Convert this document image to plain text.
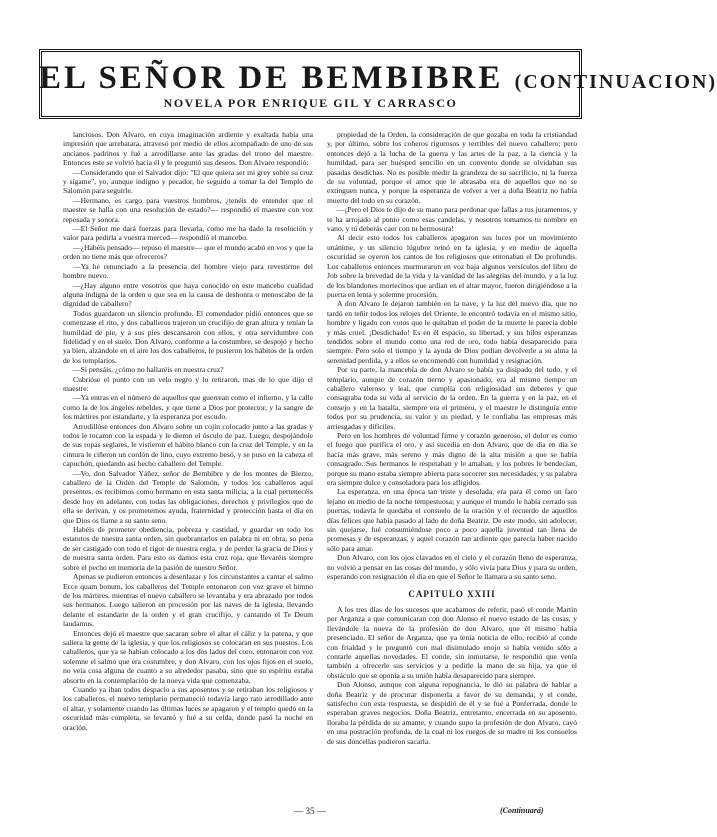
EL SEÑOR DE BEMBIBRE (CONTINUACION)
NOVELA POR ENRIQUE GIL Y CARRASCO

lanciosos. Don Alvaro, en cuya imaginación ardiente y exaltada había una impresión que arrebatara, atravesó por medio de ellos acompañado de uno de sus ancianos padrinos y fué a arrodillarse ante las gradas del trono del maestre. Entonces este se volvió hacia él y le preguntó sus deseos. Don Alvaro respondió:

—Considerando que el Salvador dijo: "El que quiera ser mi grey sobre su cruz y sígame", yo, aunque indigno y pecador, he seguido a tomar la del Templo de Salomón para seguirle.

—Hermano, es cargo para vuestros hombros, ¿tenéis de entender que el maestre se halla con una resolución de estado?— respondió el maestre con voz reposada y sonora.

—El Señor me dará fuerzas para llevarla, como me ha dado la resolución y valor para pedirla a vuestra merced— respondió el mancebo.

—¿Habéis pensado— repuso el maestre— que el mundo acabó en vos y que la orden no tiene más que ofreceros?

—Ya he renunciado a la presencia del hombre viejo para revestirme del hombre nuevo.

—¿Hay alguno entre vosotros que haya conocido en este mancebo cualidad alguna indigna de la orden o que sea en la causa de deshonra o menoscabo de la dignidad de caballero?

Todos guardaron un silencio profundo. El comendador pidió entonces que se comenzase el rito, y dos caballeros trajeron un crucifijo de gran altura y tenían la humildad de pie, y a sus pies descansaron con ellos, y otra servidumbre con fidelidad y en el suelo. Don Alvaro, conforme a la costumbre, se despojó y hecho ya bien, alzándole en el aire los dos caballeros, le pusieron los hábitos de la orden de los templarios.

—Si pensáis, ¿cómo no hallaréis en nuestra cruz?

Cubrióse el punto con un velo negro y lo retiraron, mas de lo que dijo el maestre:

—Ya entras en el número de aquellos que guerrean como el infierno, y la calle como la de los ángeles rebeldes, y que tiene a Dios por protector, y la sangre de los mártires por estandarte, y la esperanza por escudo.

Arrodillóse entonces don Alvaro sobre un cojín colocado junto a las gradas y todos le tocaron con la espada y le dieron el ósculo de paz. Luego, despojándole de sus ropas seglares, le vistieron el hábito blanco con la cruz del Temple, y en la cintura le ciñeron un cordón de lino, cuyo extremo besó, y se puso en la cabeza el capuchón, quedando así hecho caballero del Temple.

—Vo, don Salvador Yáñez, señor de Bembibre y de los montes de Bierzo, caballero de la Orden del Temple de Salomón, y todos los caballeros aquí presentes, os recibimos como hermano en esta santa milicia, a la cual pertenecéis desde hoy en adelante, con todas las obligaciones, derechos y privilegios que de ella se derivan, y os prometemos ayuda, fraternidad y protección hasta el día en que Dios os llame a su santo seno.

Habéis de prometer obediencia, pobreza y castidad, y guardar en todo los estatutos de nuestra santa orden, sin quebrantarlos en palabra ni en obra, so pena de ser castigado con todo el rigor de nuestra regla, y de perder la gracia de Dios y de nuestra santa orden. Para esto os damos esta cruz roja, que llevaréis siempre sobre el pecho en memoria de la pasión de nuestro Señor.

Apenas se pudieron entonces a desenlazar y los circunstantes a cantar el salmo Ecce quam bonum, los caballeros del Temple entonaron con voz grave el himno de los mártires, mientras el nuevo caballero se levantaba y era abrazado por todos sus hermanos. Luego salieron en procesión por las naves de la iglesia, llevando delante el estandarte de la orden y el gran crucifijo, y cantando el Te Deum laudamus.

Entonces dejó el maestre que sacaran sobre el altar el cáliz y la patena, y que saliera la gente de la iglesia, y que los religiosos se colocaran en sus puestos. Los caballeros, que ya se habían colocado a los dos lados del coro, entonaron con voz solemne el salmo que era costumbre, y don Alvaro, con los ojos fijos en el suelo, no veía cosa alguna de cuanto a su alrededor pasaba, sino que su espíritu estaba absorto en la contemplación de la nueva vida que comenzaba.

Cuando ya iban todos despacio a sus aposentos y se retiraban los religiosos y los caballeros, el nuevo templario permaneció todavía largo rato arrodillado ante el altar, y solamente cuando las últimas luces se apagaron y el templo quedó en la oscuridad más completa, se levantó y fué a su celda, donde pasó la noche en oración.

propiedad de la Orden, la consideración de que gozaba en toda la cristiandad y, por último, sobre los coheros rigurosos y terribles del nuevo caballero; pero entonces dejó a la lucha de la guerra y las artes de la paz, a la ciencia y la humildad, para ser huésped sencillo en un convento donde se olvidaban sus pasadas desdichas. No es posible medir la grandeza de su sacrificio, ni la fuerza de su voluntad, porque el amor que le abrasaba era de aquellos que no se extinguen nunca, y porque la esperanza de volver a ver a doña Beatriz no había muerto del todo en su corazón.

—¡Pero el Dios te dijo de su mano para perdonar que fallas a tus juramentos, y te ha arrojado al punto como esas candelas, y nosotros tomamos tu nombre en vano, y tú deberás caer con tu hermosura!

Al decir esto todos los caballeros apagaron sus luces por un movimiento unánime, y un silencio lúgubre reinó en la iglesia, y en medio de aquella oscuridad se oyeron los cantos de los religiosos que entonaban el De profundis. Los caballeros entonces murmuraron en voz baja algunos versículos del libro de Job sobre la brevedad de la vida y la vanidad de las alegrías del mundo, y a la luz de los blandones mortecinos que ardían en el altar mayor, fueron dirigiéndose a la puerta en lenta y solemne procesión.

A don Alvaro le dejaron también en la nave, y la luz del nuevo día, que no tardó en teñir todos los relojes del Oriente, le encontró todavía en el mismo sitio, hombre y ligado con votos que le quitaban el poder de la muerte le parecía doble y más cruel. ¡Desdichado! Es en él espacio, su libertad, y sus hilos esperanzas tendidos sobre el mundo como una red de oro, todo había desaparecido para siempre. Pero solo el tiempo y la ayuda de Dios podían devolverle a su alma la serenidad perdida, y a ellos se encomendó con humildad y resignación.

Por su parte, la mancebía de don Alvaro se había ya disipado del todo, y el templario, aunque de corazón tierno y apasionado, era al mismo tiempo un caballero valeroso y leal, que cumplía con religiosidad sus deberes y que consagraba toda su vida al servicio de la orden. En la guerra y en la paz, en el consejo y en la batalla, siempre era el primero, y el maestre le distinguía entre todos por su prudencia, su valor y su piedad, y le confiaba las empresas más arriesgadas y difíciles.

Pero en los hombres de voluntad firme y corazón generoso, el dolor es como el fuego que purifica el oro, y así sucedía en don Alvaro, que de día en día se hacía más grave, más sereno y más digno de la alta misión a que se había consagrado. Sus hermanos le respetaban y le amaban, y los pobres le bendecían, porque su mano estaba siempre abierta para socorrer sus necesidades, y su palabra era siempre dulce y consoladora para los afligidos.

La esperanza, en una época tan triste y desolada, era para él como un faro lejano en medio de la noche tempestuosa; y aunque el mundo le había cerrado sus puertas, todavía le quedaba el consuelo de la oración y el recuerdo de aquellos días felices que había pasado al lado de doña Beatriz. De este modo, sin adolecer, sin quejarse, fué consumiéndose poco a poco aquella juventud tan llena de promesas y de esperanzas, y aquel corazón tan ardiente que parecía haber nacido sólo para amar.

Don Alvaro, con los ojos clavados en el cielo y el corazón lleno de esperanza, no volvió a pensar en las cosas del mundo, y sólo vivía para Dios y para su orden, esperando con resignación el día en que el Señor le llamara a su santo seno.

CAPITULO XXIII

A los tres días de los sucesos que acabamos de referir, pasó el conde Martín por Arganza a que comunicaran con don Alonso el nuevo estado de las cosas, y llevándole la nueva de la profesión de don Alvaro, que él mismo había presenciado. El señor de Arganza, que ya tenía noticia de ello, recibió al conde con frialdad y le preguntó con mal disimulado enojo si había venido sólo a contarle aquellas novedades. El conde, sin inmutarse, le respondió que venía también a ofrecerle sus servicios y a pedirle la mano de su hija, ya que el obstáculo que se oponía a su unión había desaparecido para siempre.

Don Alonso, aunque con alguna repugnancia, le dió su palabra de hablar a doña Beatriz y de procurar disponerla a favor de su demanda; y el conde, satisfecho con esta respuesta, se despidió de él y se fué a Ponferrada, donde le esperaban graves negocios. Doña Beatriz, entretanto, encerrada en su aposento, lloraba la pérdida de su amante, y cuando supo la profesión de don Alvaro, cayó en una postración profunda, de la cual ni los ruegos de su madre ni los consuelos de sus doncellas pudieron sacarla.

— 35 —	(Continuará)
